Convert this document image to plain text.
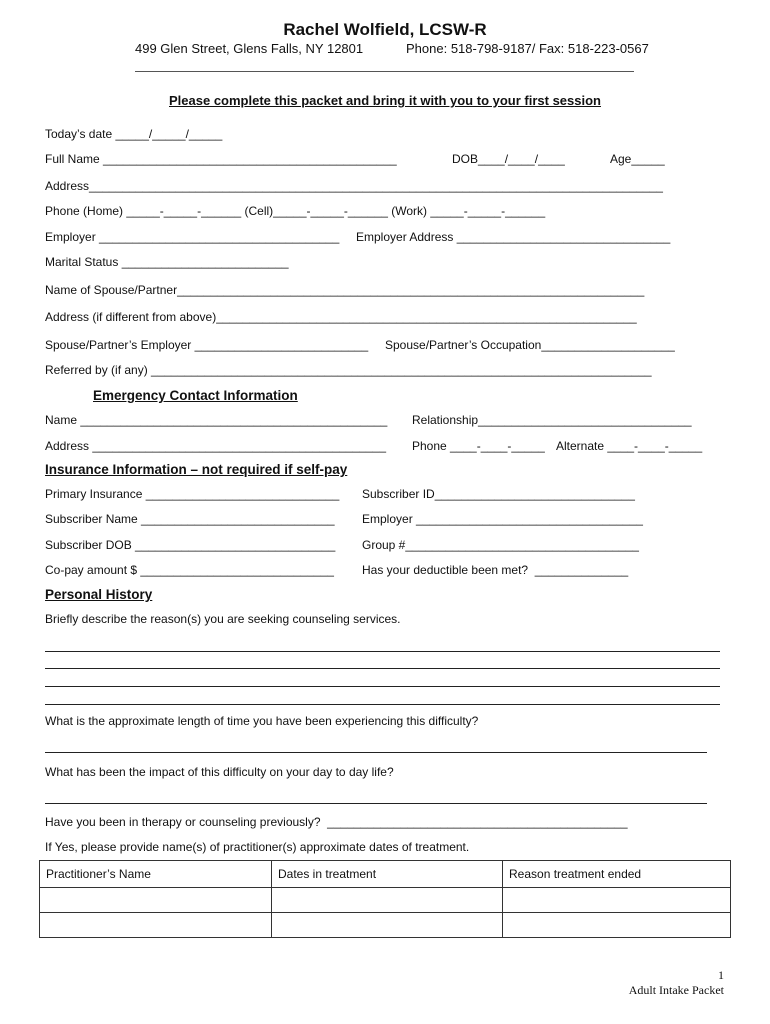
Rachel Wolfield, LCSW-R
499 Glen Street, Glens Falls, NY 12801	Phone: 518-798-9187/ Fax: 518-223-0567
Please complete this packet and bring it with you to your first session
Today’s date _____/_____/_____
Full Name ____________________________________________	DOB____/____/____	Age_____
Address______________________________________________________________________________________
Phone (Home) _____-_____-______ (Cell)_____-_____-______ (Work) _____-_____-______
Employer ____________________________________ Employer Address ________________________________
Marital Status _________________________
Name of Spouse/Partner______________________________________________________________________
Address (if different from above)_______________________________________________________________
Spouse/Partner’s Employer __________________________ Spouse/Partner’s Occupation____________________
Referred by (if any) ___________________________________________________________________________
Emergency Contact Information
Name ______________________________________________ Relationship________________________________
Address ____________________________________________ Phone ____-____-_____ Alternate ____-____-_____
Insurance Information – not required if self-pay
Primary Insurance _____________________________ Subscriber ID______________________________
Subscriber Name _____________________________ Employer __________________________________
Subscriber DOB ______________________________ Group #___________________________________
Co-pay amount $ _____________________________ Has your deductible been met?  ______________
Personal History
Briefly describe the reason(s) you are seeking counseling services.
What is the approximate length of time you have been experiencing this difficulty?
What has been the impact of this difficulty on your day to day life?
Have you been in therapy or counseling previously?  _____________________________________________
If Yes, please provide name(s) of practitioner(s) approximate dates of treatment.
Practitioner’s Name	Dates in treatment	Reason treatment ended

1
Adult Intake Packet
